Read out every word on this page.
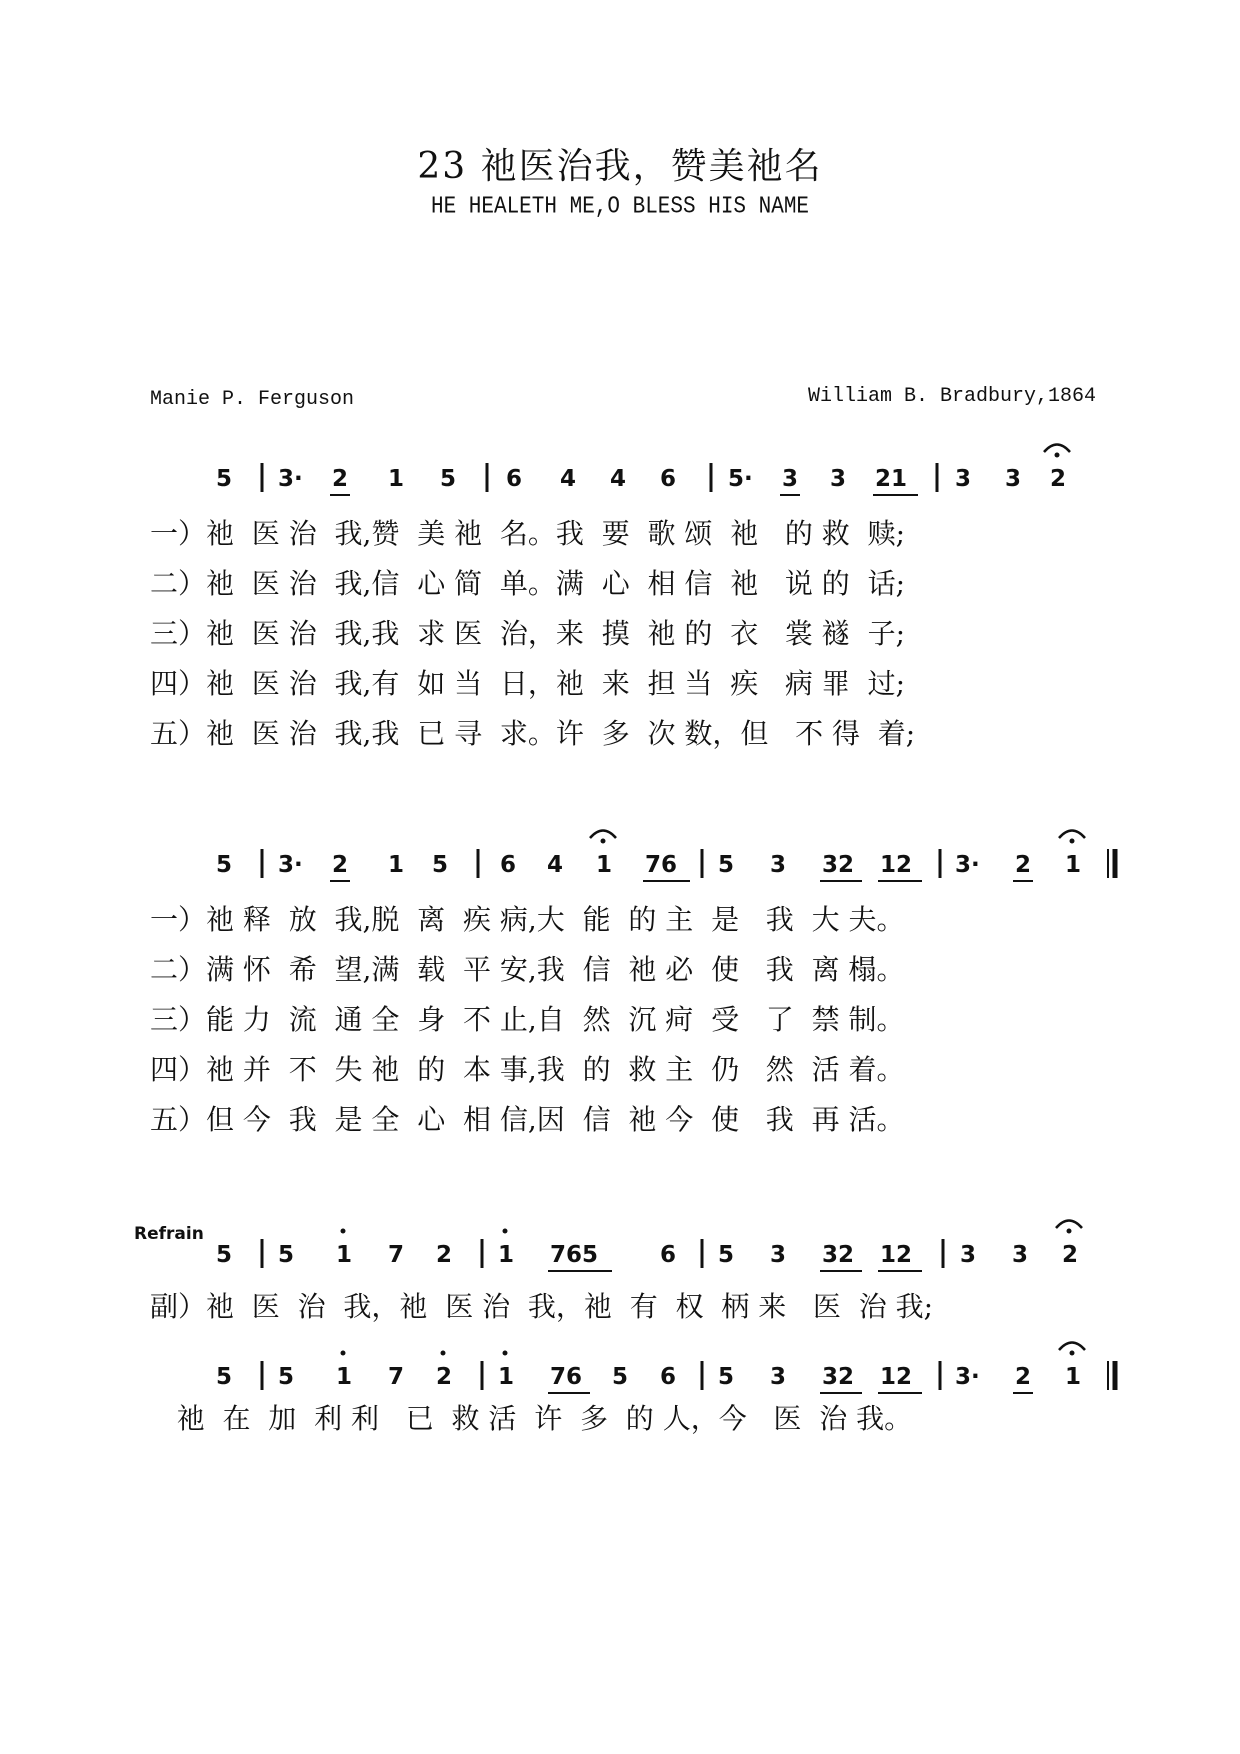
23 祂医治我，赞美祂名
HE HEALETH ME,O BLESS HIS NAME
Manie P. Ferguson	William B. Bradbury,1864
5 3· 2 1 5 6 4 4 6 5· 3 3 21 3 3 2
一）祂  医 治  我,赞  美 祂  名。我  要  歌 颂  祂   的 救  赎;
二）祂  医 治  我,信  心 简  单。满  心  相 信  祂   说 的  话;
三）祂  医 治  我,我  求 医  治，来  摸  祂 的  衣   裳 襚  子;
四）祂  医 治  我,有  如 当  日，祂  来  担 当  疾   病 罪  过;
五）祂  医 治  我,我  已 寻  求。许  多  次 数，但   不 得  着;
5 3· 2 1 5 6 4 1 76 5 3 32 12 3· 2 1
一）祂 释  放  我,脱  离  疾 病,大  能  的 主  是   我  大 夫。
二）满 怀  希  望,满  载  平 安,我  信  祂 必  使   我  离 榻。
三）能 力  流  通 全  身  不 止,自  然  沉 疴  受   了  禁 制。
四）祂 并  不  失 祂  的  本 事,我  的  救 主  仍   然  活 着。
五）但 今  我  是 全  心  相 信,因  信  祂 今  使   我  再 活。
Refrain
5 5 1 7 2 1 765	6 5 3 32 12 3 3 2
副）祂  医  治  我，祂  医 治  我，祂  有  权  柄 来   医  治 我;
5 5 1 7 2 1 76 5 6 5 3 32 12 3· 2 1
祂  在  加  利 利   已  救 活  许  多  的 人，今   医  治 我。
